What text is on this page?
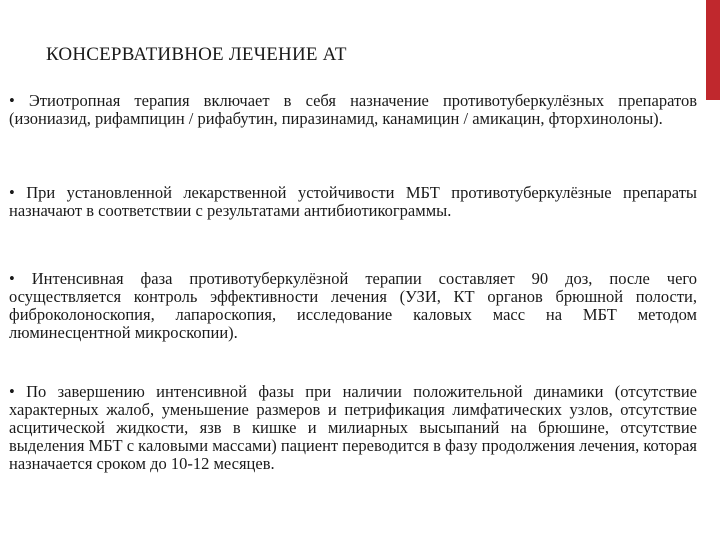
КОНСЕРВАТИВНОЕ ЛЕЧЕНИЕ АТ

• Этиотропная терапия включает в себя назначение противотуберкулёзных препаратов (изониазид, рифампицин / рифабутин, пиразинамид, канамицин / амикацин, фторхинолоны).

• При установленной лекарственной устойчивости МБТ противотуберкулёзные препараты назначают в соответствии с результатами антибиотикограммы.

• Интенсивная фаза противотуберкулёзной терапии составляет 90 доз, после чего осуществляется контроль эффективности лечения (УЗИ, КТ органов брюшной полости, фиброколоноскопия, лапароскопия, исследование каловых масс на МБТ методом люминесцентной микроскопии).

• По завершению интенсивной фазы при наличии положительной динамики (отсутствие характерных жалоб, уменьшение размеров и петрификация лимфатических узлов, отсутствие асцитической жидкости, язв в кишке и милиарных высыпаний на брюшине, отсутствие выделения МБТ с каловыми массами) пациент переводится в фазу продолжения лечения, которая назначается сроком до 10-12 месяцев.
